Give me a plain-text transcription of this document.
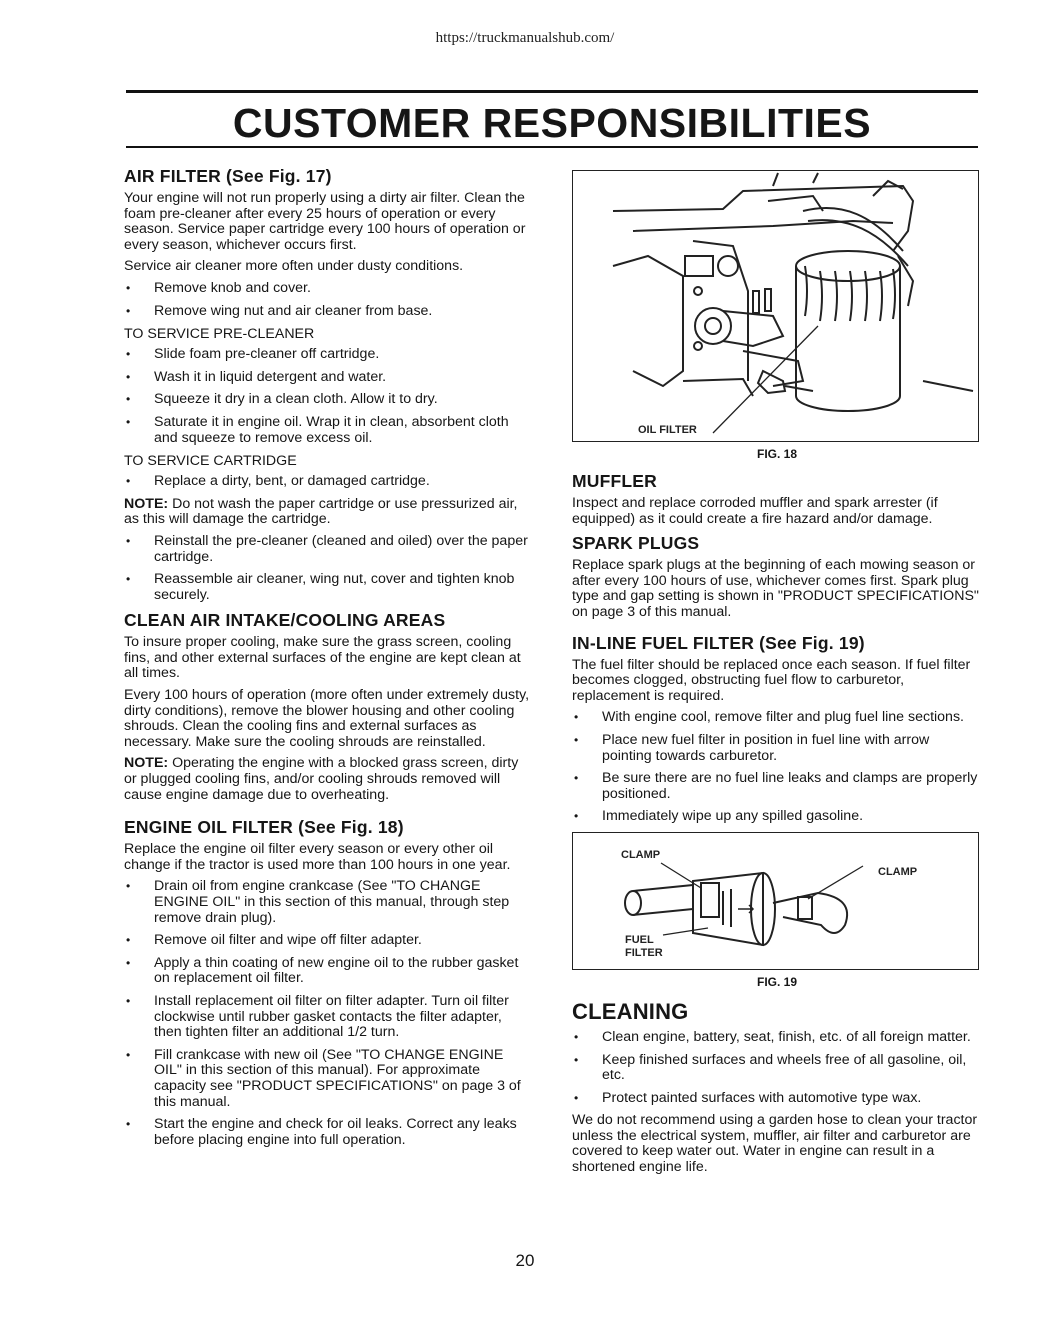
https://truckmanualshub.com/
CUSTOMER RESPONSIBILITIES
AIR FILTER (See Fig. 17)

Your engine will not run properly using a dirty air filter. Clean the foam pre-cleaner after every 25 hours of operation or every season. Service paper cartridge every 100 hours of operation or every season, whichever occurs first.

Service air cleaner more often under dusty conditions.

• Remove knob and cover.
• Remove wing nut and air cleaner from base.
TO SERVICE PRE-CLEANER
• Slide foam pre-cleaner off cartridge.
• Wash it in liquid detergent and water.
• Squeeze it dry in a clean cloth. Allow it to dry.
• Saturate it in engine oil. Wrap it in clean, absorbent cloth and squeeze to remove excess oil.
TO SERVICE CARTRIDGE
• Replace a dirty, bent, or damaged cartridge.

NOTE: Do not wash the paper cartridge or use pressurized air, as this will damage the cartridge.

• Reinstall the pre-cleaner (cleaned and oiled) over the paper cartridge.
• Reassemble air cleaner, wing nut, cover and tighten knob securely.
CLEAN AIR INTAKE/COOLING AREAS

To insure proper cooling, make sure the grass screen, cooling fins, and other external surfaces of the engine are kept clean at all times.

Every 100 hours of operation (more often under extremely dusty, dirty conditions), remove the blower housing and other cooling shrouds. Clean the cooling fins and external surfaces as necessary. Make sure the cooling shrouds are reinstalled.

NOTE: Operating the engine with a blocked grass screen, dirty or plugged cooling fins, and/or cooling shrouds removed will cause engine damage due to overheating.

ENGINE OIL FILTER (See Fig. 18)

Replace the engine oil filter every season or every other oil change if the tractor is used more than 100 hours in one year.

• Drain oil from engine crankcase (See "TO CHANGE ENGINE OIL" in this section of this manual, through step remove drain plug).
• Remove oil filter and wipe off filter adapter.
• Apply a thin coating of new engine oil to the rubber gasket on replacement oil filter.
• Install replacement oil filter on filter adapter. Turn oil filter clockwise until rubber gasket contacts the filter adapter, then tighten filter an additional 1/2 turn.
• Fill crankcase with new oil (See "TO CHANGE ENGINE OIL" in this section of this manual). For approximate capacity see "PRODUCT SPECIFICATIONS" on page 3 of this manual.
• Start the engine and check for oil leaks. Correct any leaks before placing engine into full operation.
OIL FILTER
FIG. 18
MUFFLER

Inspect and replace corroded muffler and spark arrester (if equipped) as it could create a fire hazard and/or damage.

SPARK PLUGS

Replace spark plugs at the beginning of each mowing season or after every 100 hours of use, whichever comes first. Spark plug type and gap setting is shown in "PRODUCT SPECIFICATIONS" on page 3 of this manual.

IN-LINE FUEL FILTER (See Fig. 19)

The fuel filter should be replaced once each season. If fuel filter becomes clogged, obstructing fuel flow to carburetor, replacement is required.

• With engine cool, remove filter and plug fuel line sections.
• Place new fuel filter in position in fuel line with arrow pointing towards carburetor.
• Be sure there are no fuel line leaks and clamps are properly positioned.
• Immediately wipe up any spilled gasoline.
CLAMP
CLAMP
FUEL
FILTER
FIG. 19
CLEANING
• Clean engine, battery, seat, finish, etc. of all foreign matter.
• Keep finished surfaces and wheels free of all gasoline, oil, etc.
• Protect painted surfaces with automotive type wax.

We do not recommend using a garden hose to clean your tractor unless the electrical system, muffler, air filter and carburetor are covered to keep water out. Water in engine can result in a shortened engine life.

20
